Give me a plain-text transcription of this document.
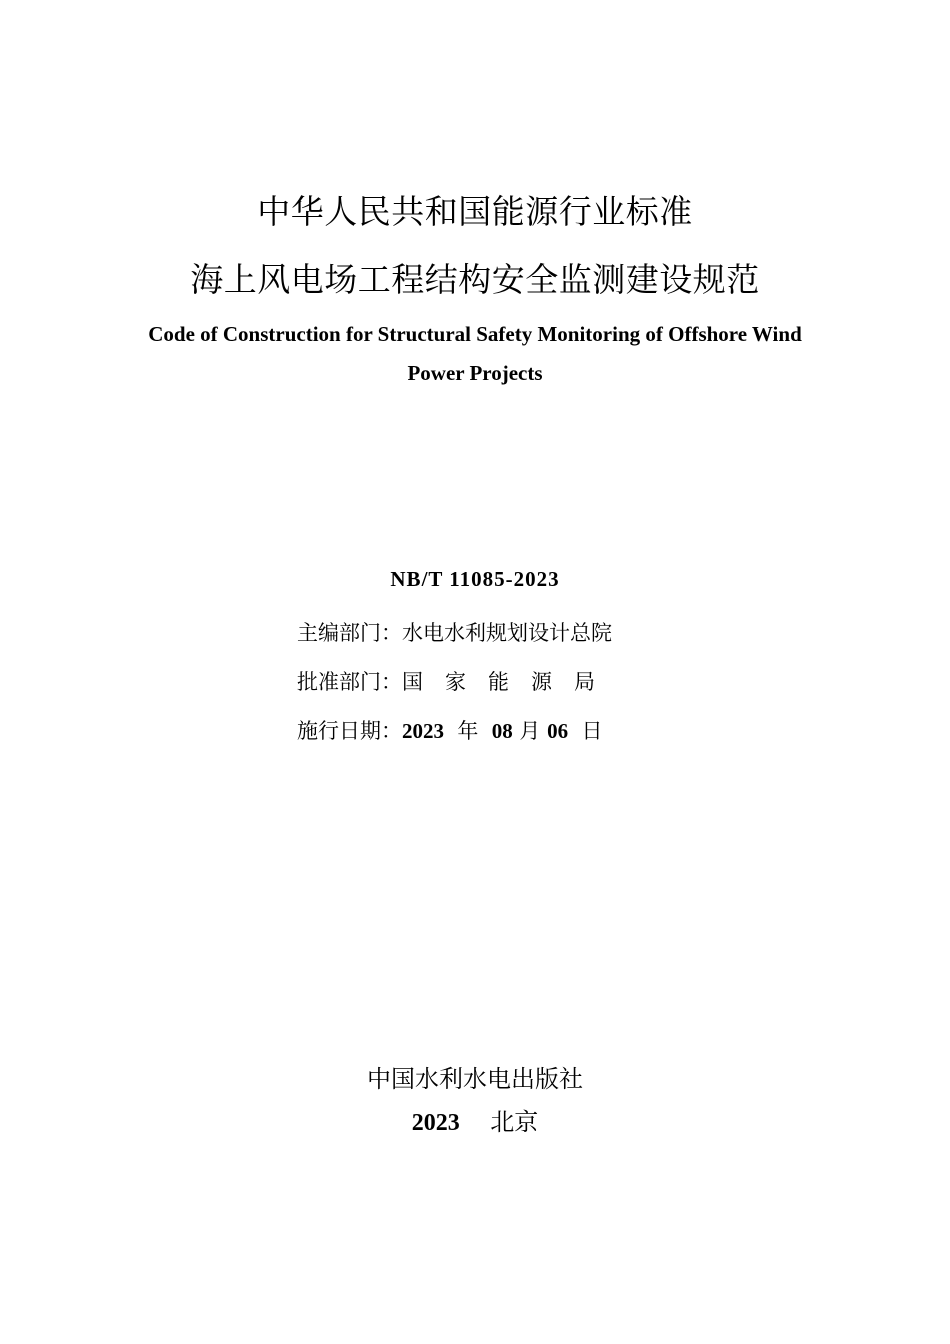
中华人民共和国能源行业标准
海上风电场工程结构安全监测建设规范
Code of Construction for Structural Safety Monitoring of Offshore Wind
Power Projects
NB/T 11085-2023
主编部门：水电水利规划设计总院
批准部门：国家能源局
施行日期：2023 年 08 月 06 日
中国水利水电出版社
2023 北京
